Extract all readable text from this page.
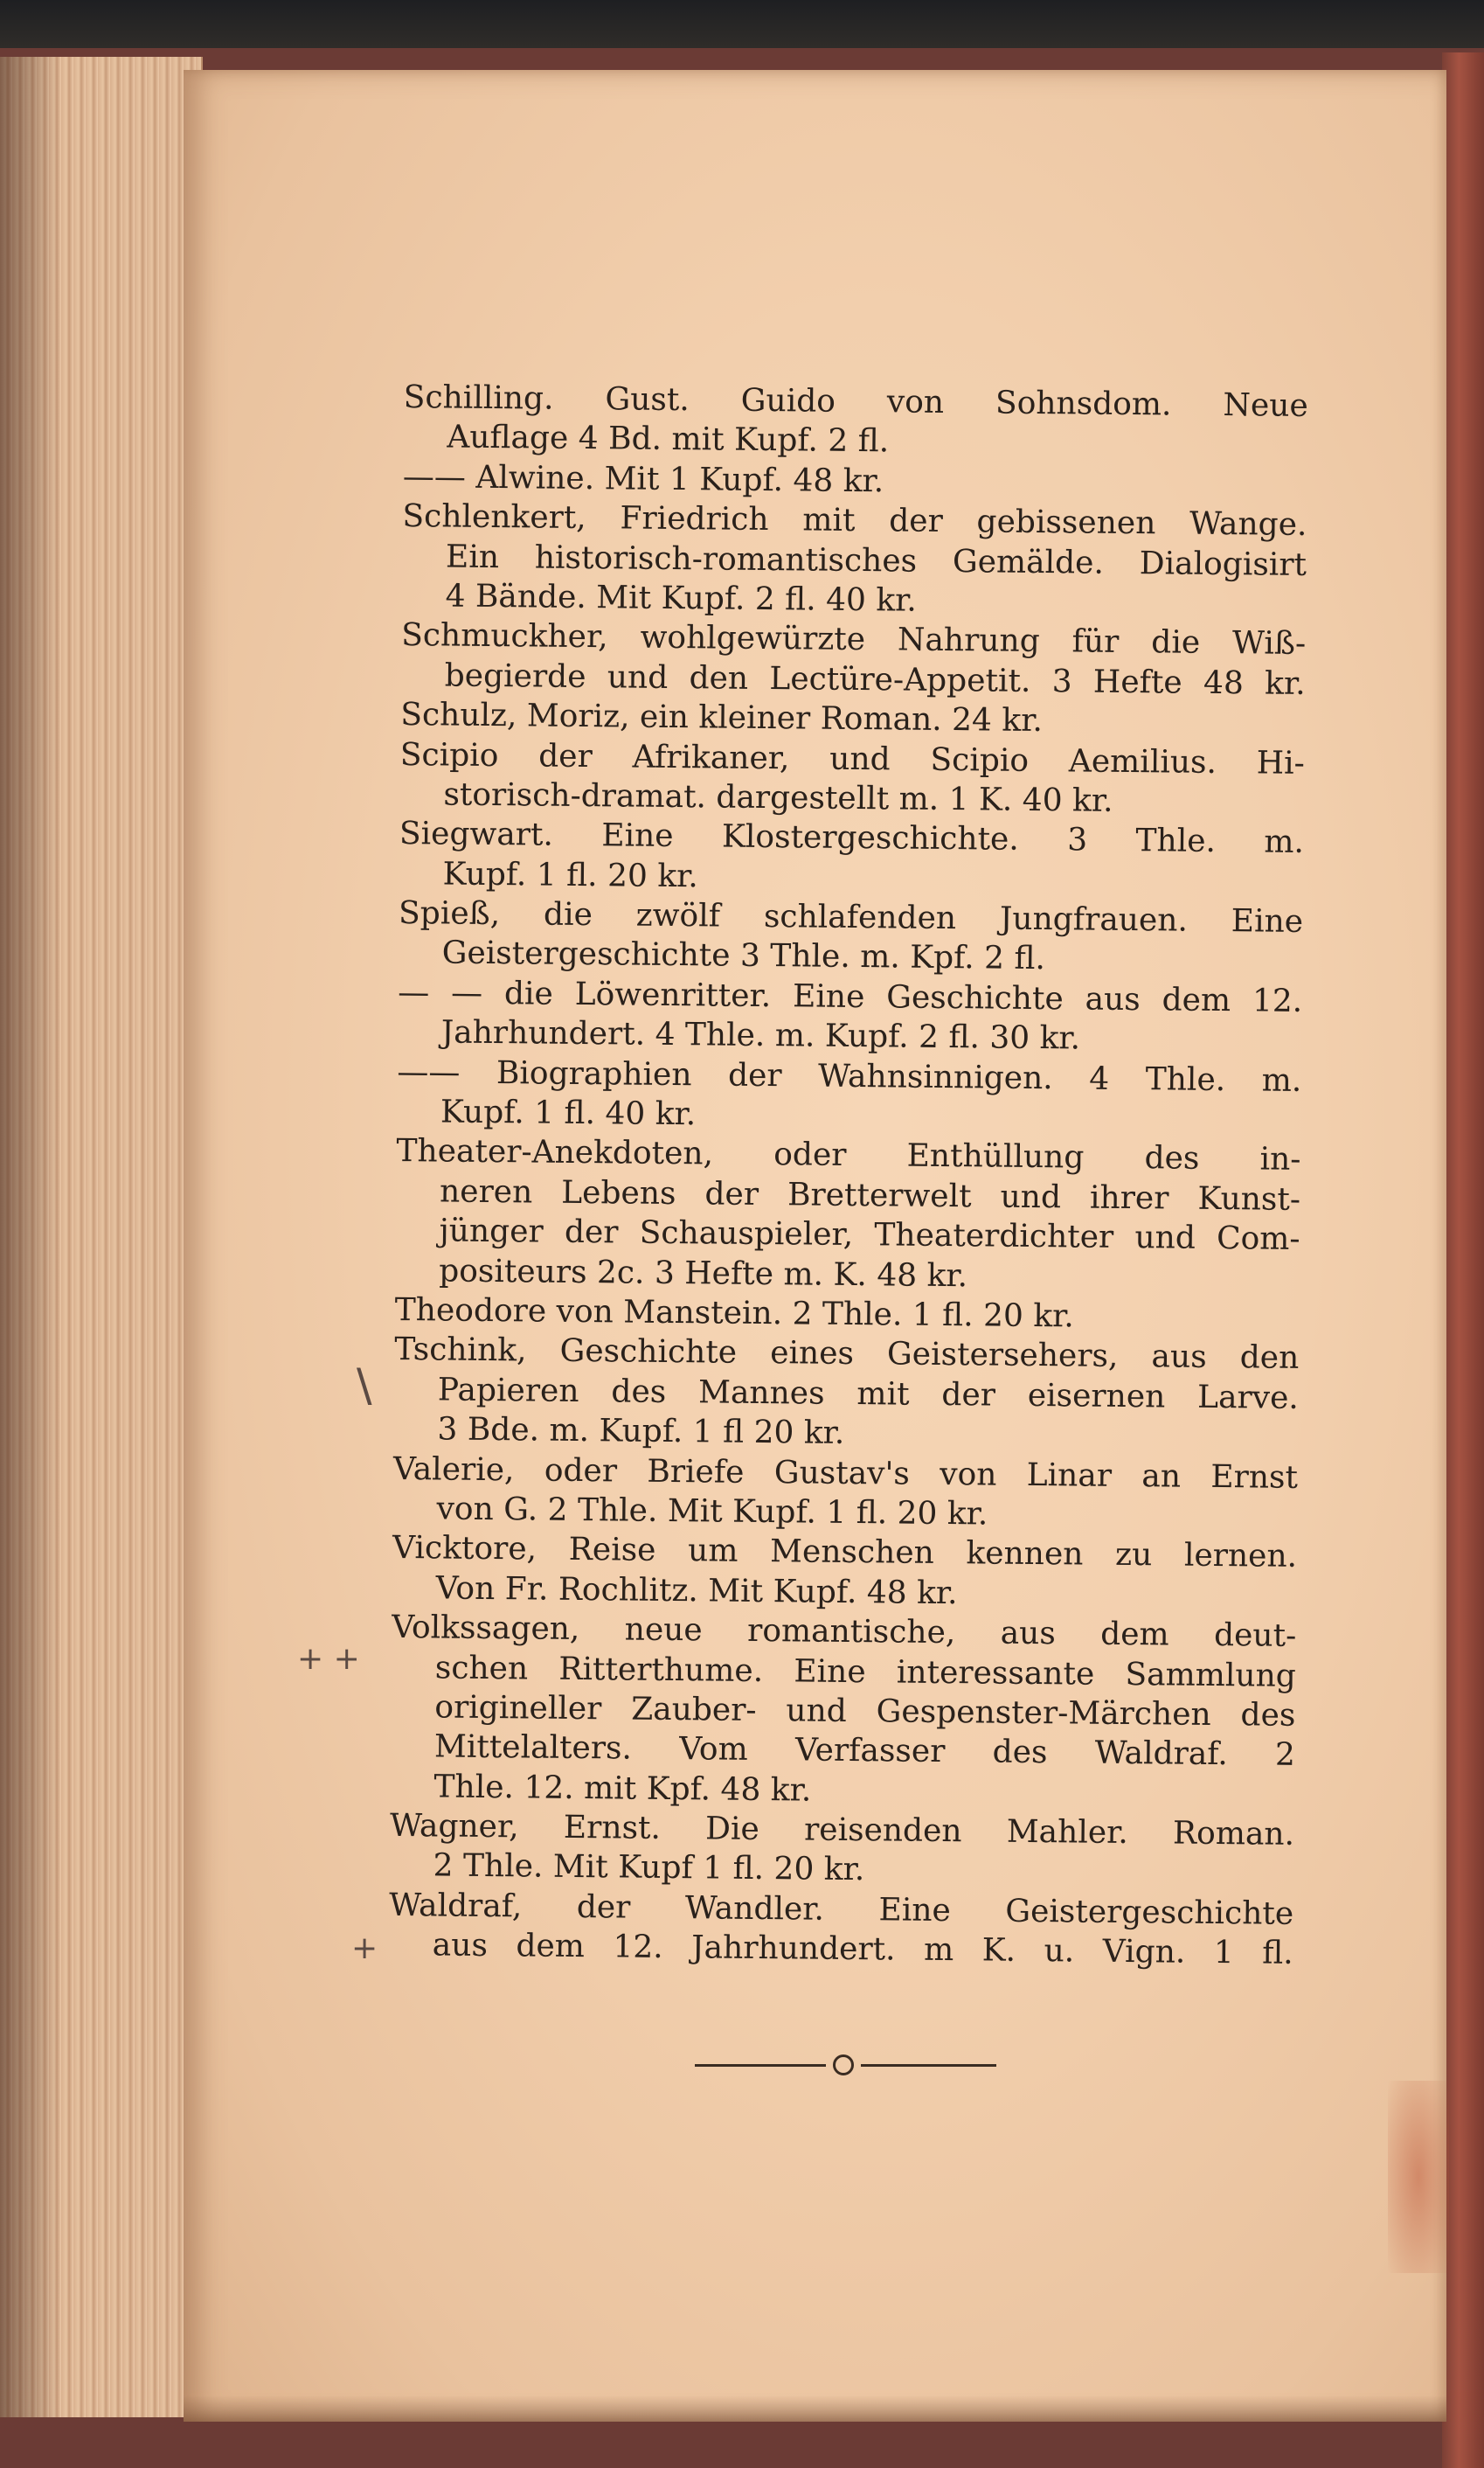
Schilling. Gust. Guido von Sohnsdom. Neue
Auflage 4 Bd. mit Kupf. 2 fl.
—— Alwine. Mit 1 Kupf. 48 kr.
Schlenkert, Friedrich mit der gebissenen Wange.
Ein historisch-romantisches Gemälde. Dialogisirt
4 Bände. Mit Kupf. 2 fl. 40 kr.
Schmuckher, wohlgewürzte Nahrung für die Wiß-
begierde und den Lectüre-Appetit. 3 Hefte 48 kr.
Schulz, Moriz, ein kleiner Roman. 24 kr.
Scipio der Afrikaner, und Scipio Aemilius. Hi-
storisch-dramat. dargestellt m. 1 K. 40 kr.
Siegwart. Eine Klostergeschichte. 3 Thle. m.
Kupf. 1 fl. 20 kr.
Spieß, die zwölf schlafenden Jungfrauen. Eine
Geistergeschichte 3 Thle. m. Kpf. 2 fl.
— — die Löwenritter. Eine Geschichte aus dem 12.
Jahrhundert. 4 Thle. m. Kupf. 2 fl. 30 kr.
—— Biographien der Wahnsinnigen. 4 Thle. m.
Kupf. 1 fl. 40 kr.
Theater-Anekdoten, oder Enthüllung des in-
neren Lebens der Bretterwelt und ihrer Kunst-
jünger der Schauspieler, Theaterdichter und Com-
positeurs 2c. 3 Hefte m. K. 48 kr.
Theodore von Manstein. 2 Thle. 1 fl. 20 kr.
Tschink, Geschichte eines Geistersehers, aus den
Papieren des Mannes mit der eisernen Larve.
3 Bde. m. Kupf. 1 fl 20 kr.
Valerie, oder Briefe Gustav's von Linar an Ernst
von G. 2 Thle. Mit Kupf. 1 fl. 20 kr.
Vicktore, Reise um Menschen kennen zu lernen.
Von Fr. Rochlitz. Mit Kupf. 48 kr.
Volkssagen, neue romantische, aus dem deut-
schen Ritterthume. Eine interessante Sammlung
origineller Zauber- und Gespenster-Märchen des
Mittelalters. Vom Verfasser des Waldraf. 2
Thle. 12. mit Kpf. 48 kr.
Wagner, Ernst. Die reisenden Mahler. Roman.
2 Thle. Mit Kupf 1 fl. 20 kr.
Waldraf, der Wandler. Eine Geistergeschichte
aus dem 12. Jahrhundert. m K. u. Vign. 1 fl.
\
+ +
+
